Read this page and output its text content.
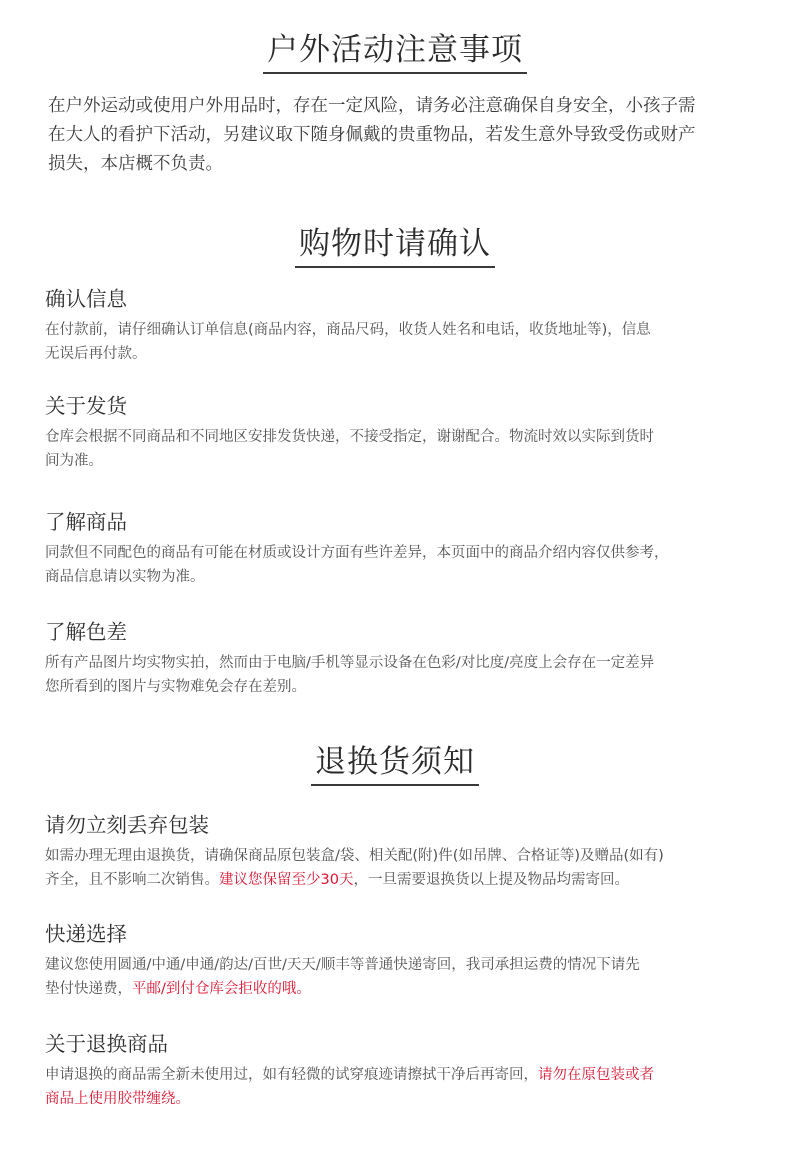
户外活动注意事项
在户外运动或使用户外用品时，存在一定风险，请务必注意确保自身安全，小孩子需
在大人的看护下活动，另建议取下随身佩戴的贵重物品，若发生意外导致受伤或财产
损失，本店概不负责。
购物时请确认
确认信息
在付款前，请仔细确认订单信息(商品内容，商品尺码，收货人姓名和电话，收货地址等)，信息
无误后再付款。
关于发货
仓库会根据不同商品和不同地区安排发货快递，不接受指定，谢谢配合。物流时效以实际到货时
间为准。
了解商品
同款但不同配色的商品有可能在材质或设计方面有些许差异，本页面中的商品介绍内容仅供参考，
商品信息请以实物为准。
了解色差
所有产品图片均实物实拍，然而由于电脑/手机等显示设备在色彩/对比度/亮度上会存在一定差异
您所看到的图片与实物难免会存在差别。
退换货须知
请勿立刻丢弃包装
如需办理无理由退换货，请确保商品原包装盒/袋、相关配(附)件(如吊牌、合格证等)及赠品(如有)
齐全，且不影响二次销售。建议您保留至少30天，一旦需要退换货以上提及物品均需寄回。
快递选择
建议您使用圆通/中通/申通/韵达/百世/天天/顺丰等普通快递寄回，我司承担运费的情况下请先
垫付快递费，平邮/到付仓库会拒收的哦。
关于退换商品
申请退换的商品需全新未使用过，如有轻微的试穿痕迹请擦拭干净后再寄回，请勿在原包装或者
商品上使用胶带缠绕。
